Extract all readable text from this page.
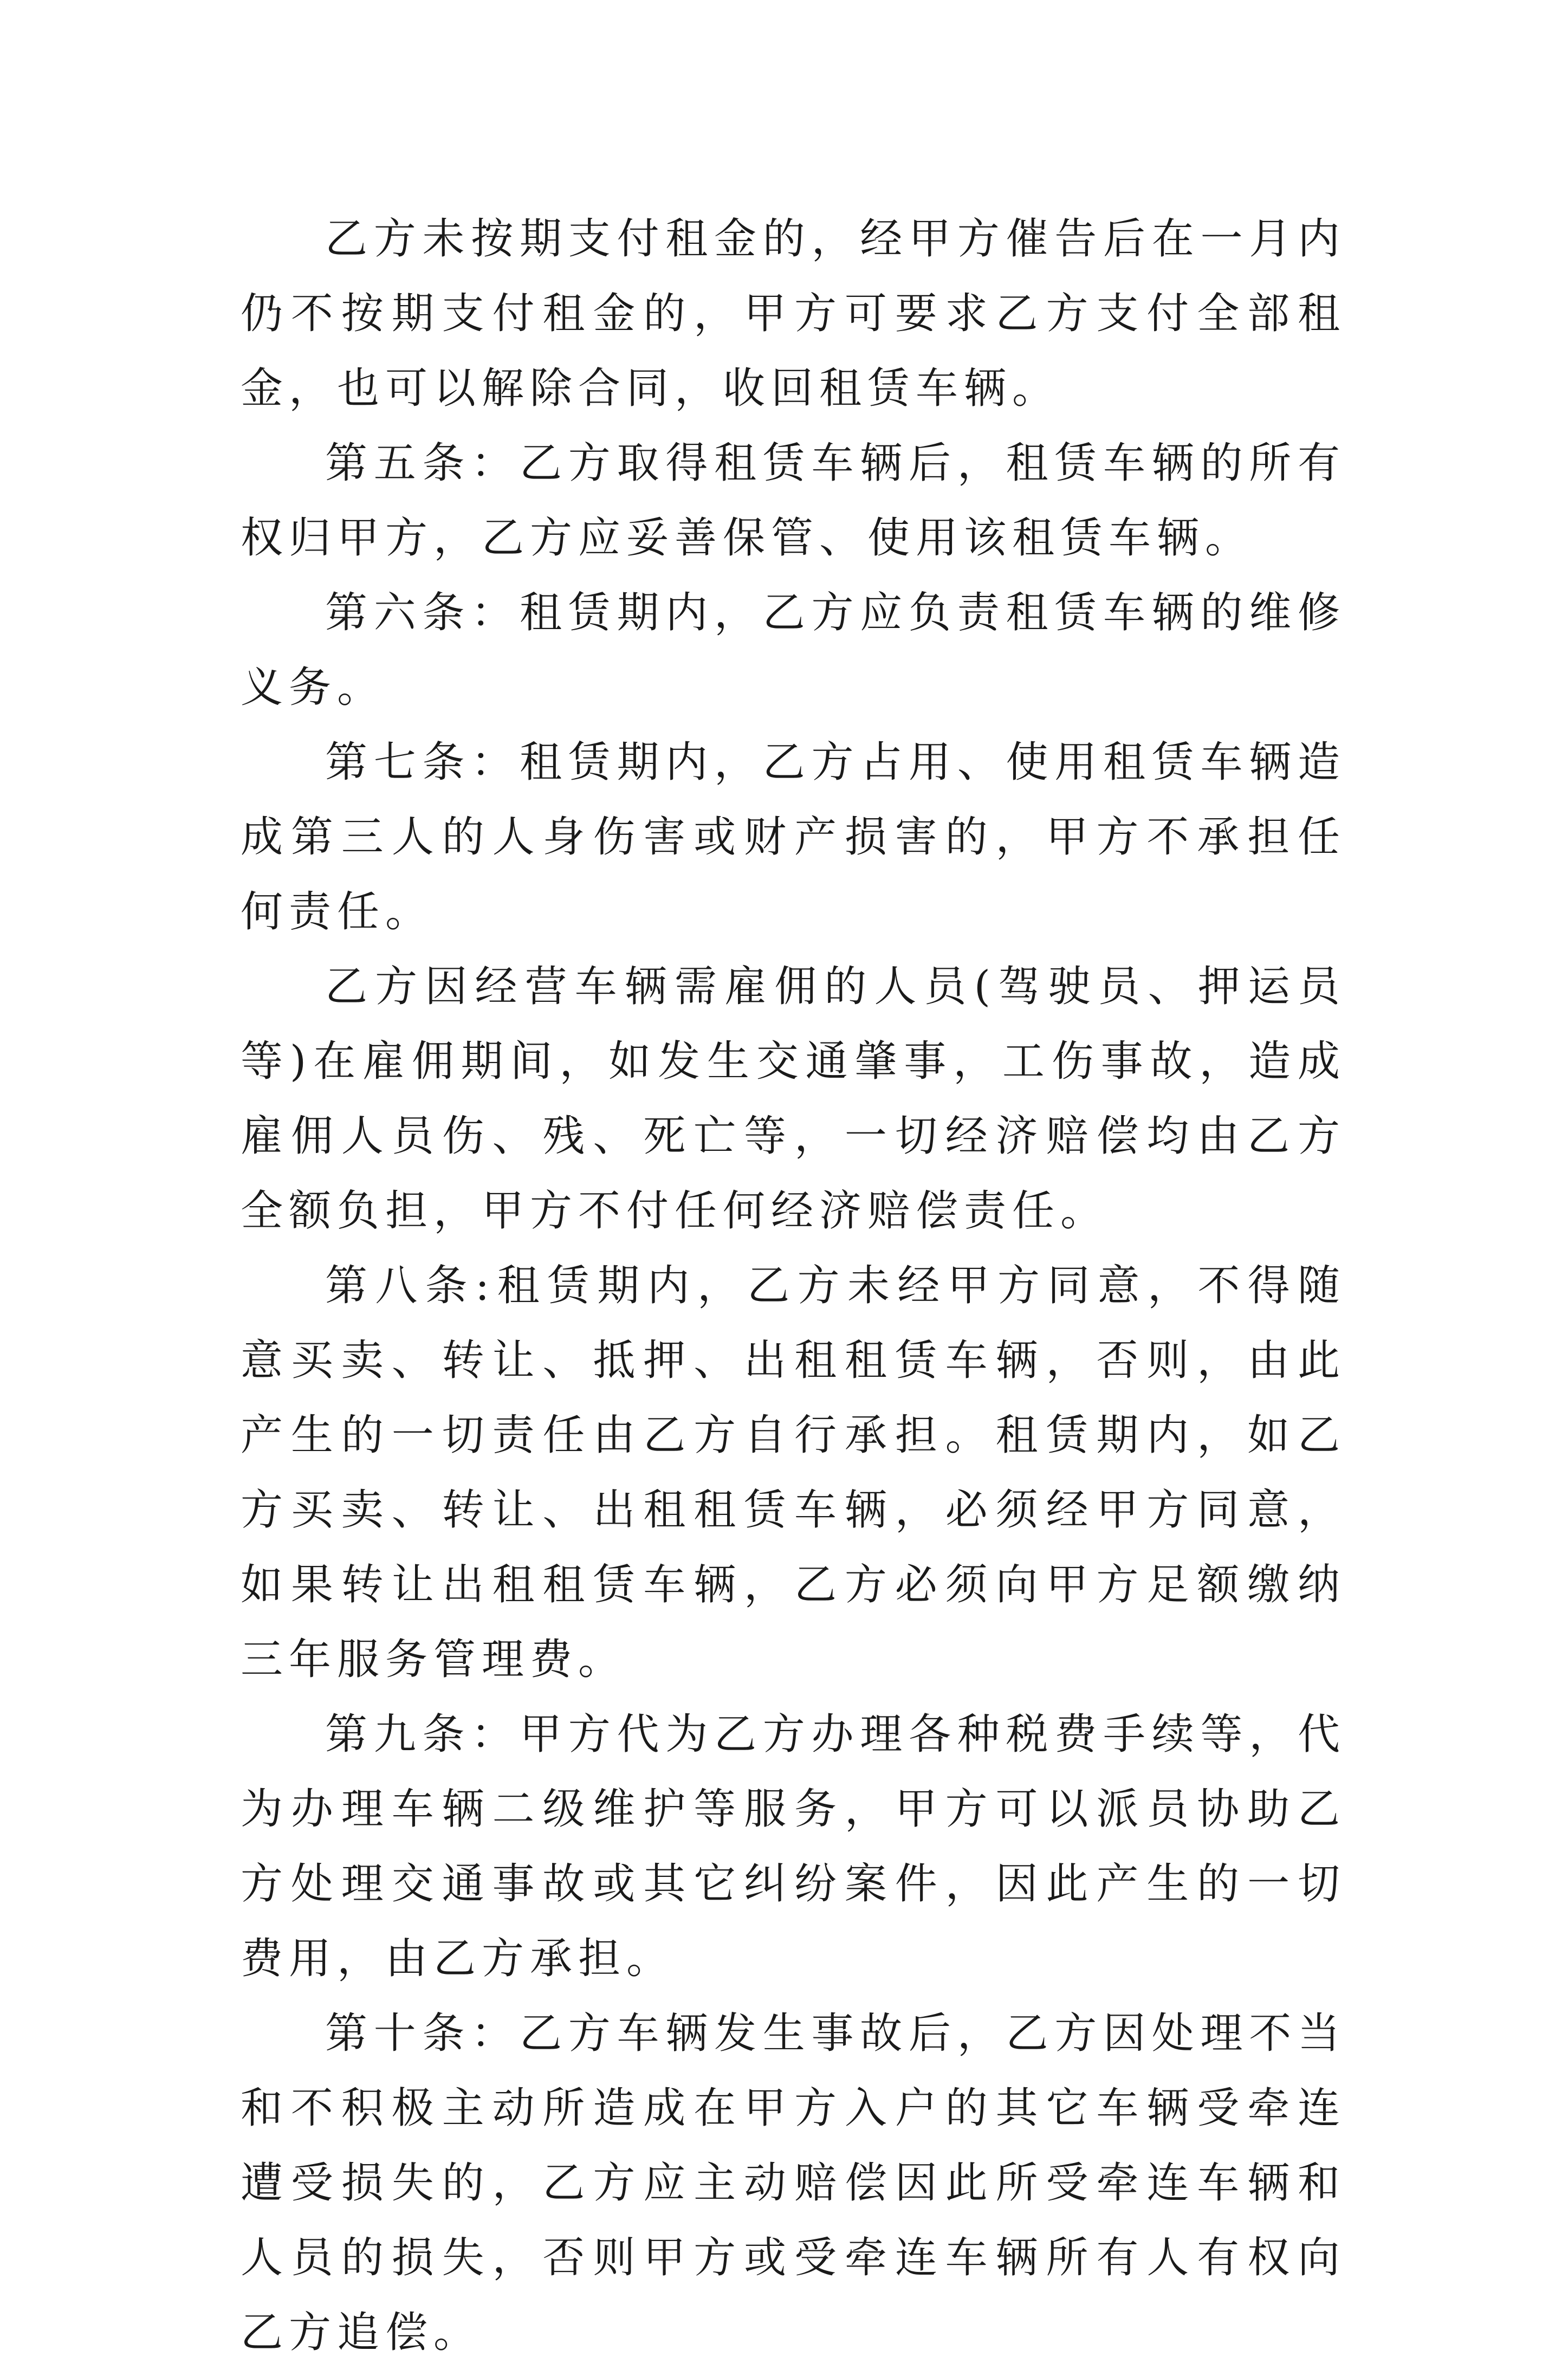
乙方未按期支付租金的，经甲方催告后在一月内仍不按期支付租金的，甲方可要求乙方支付全部租金，也可以解除合同，收回租赁车辆。

第五条：乙方取得租赁车辆后，租赁车辆的所有权归甲方，乙方应妥善保管、使用该租赁车辆。

第六条：租赁期内，乙方应负责租赁车辆的维修义务。

第七条：租赁期内，乙方占用、使用租赁车辆造成第三人的人身伤害或财产损害的，甲方不承担任何责任。

乙方因经营车辆需雇佣的人员(驾驶员、押运员等)在雇佣期间，如发生交通肇事，工伤事故，造成雇佣人员伤、残、死亡等，一切经济赔偿均由乙方全额负担，甲方不付任何经济赔偿责任。

第八条:租赁期内，乙方未经甲方同意，不得随意买卖、转让、抵押、出租租赁车辆，否则，由此产生的一切责任由乙方自行承担。租赁期内，如乙方买卖、转让、出租租赁车辆，必须经甲方同意，如果转让出租租赁车辆，乙方必须向甲方足额缴纳三年服务管理费。

第九条：甲方代为乙方办理各种税费手续等，代为办理车辆二级维护等服务，甲方可以派员协助乙方处理交通事故或其它纠纷案件，因此产生的一切费用，由乙方承担。

第十条：乙方车辆发生事故后，乙方因处理不当和不积极主动所造成在甲方入户的其它车辆受牵连遭受损失的，乙方应主动赔偿因此所受牵连车辆和人员的损失，否则甲方或受牵连车辆所有人有权向乙方追偿。
